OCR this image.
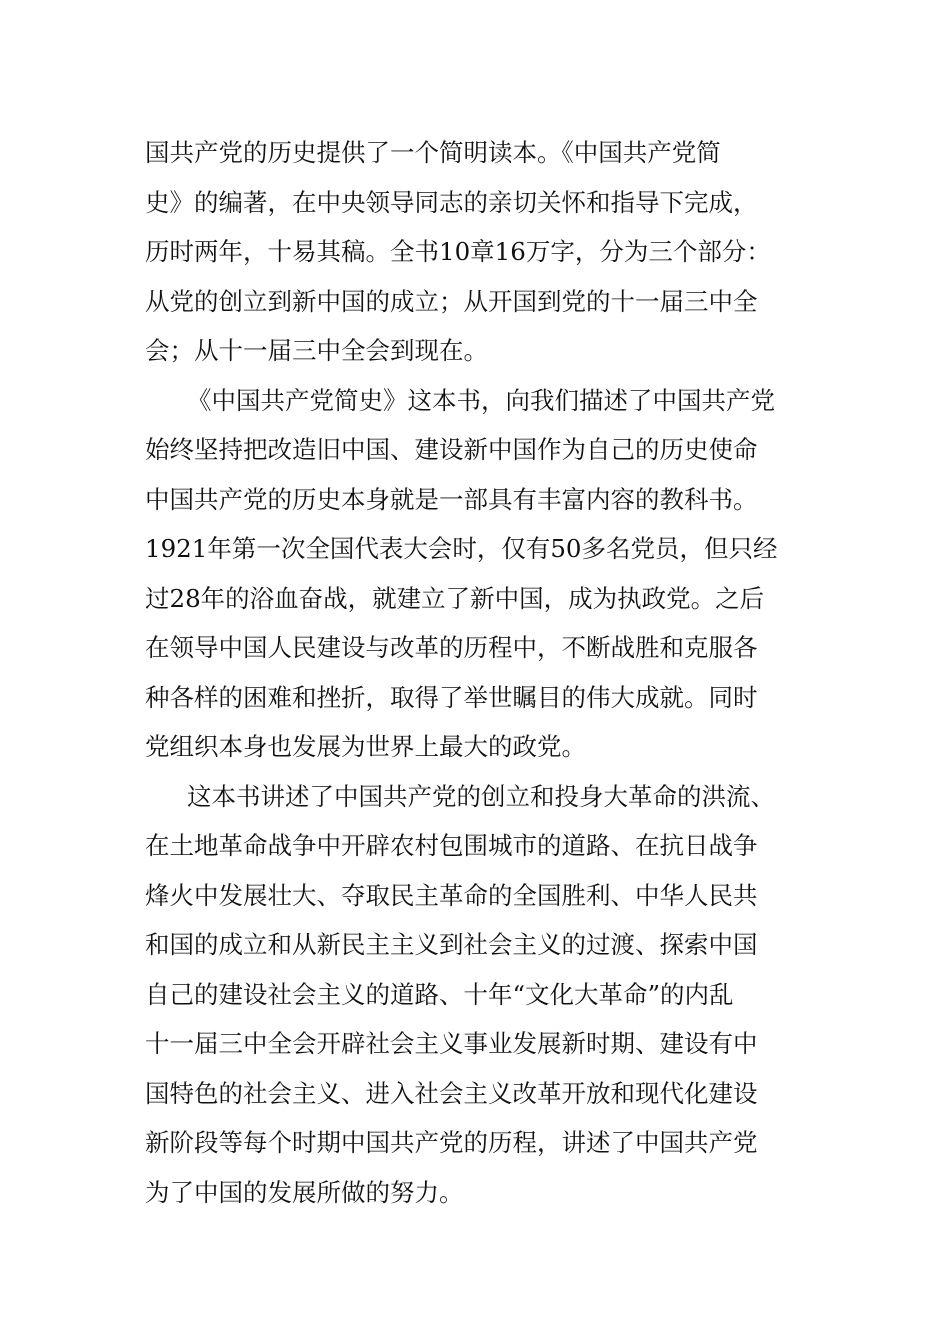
国共产党的历史提供了一个简明读本。《中国共产党简
史》的编著，在中央领导同志的亲切关怀和指导下完成，
历时两年，十易其稿。全书10章16万字，分为三个部分：
从党的创立到新中国的成立；从开国到党的十一届三中全
会；从十一届三中全会到现在。
《中国共产党简史》这本书，向我们描述了中国共产党
始终坚持把改造旧中国、建设新中国作为自己的历史使命
中国共产党的历史本身就是一部具有丰富内容的教科书。
1921年第一次全国代表大会时，仅有50多名党员，但只经
过28年的浴血奋战，就建立了新中国，成为执政党。之后
在领导中国人民建设与改革的历程中，不断战胜和克服各
种各样的困难和挫折，取得了举世瞩目的伟大成就。同时
党组织本身也发展为世界上最大的政党。
这本书讲述了中国共产党的创立和投身大革命的洪流、
在土地革命战争中开辟农村包围城市的道路、在抗日战争
烽火中发展壮大、夺取民主革命的全国胜利、中华人民共
和国的成立和从新民主主义到社会主义的过渡、探索中国
自己的建设社会主义的道路、十年“文化大革命”的内乱
十一届三中全会开辟社会主义事业发展新时期、建设有中
国特色的社会主义、进入社会主义改革开放和现代化建设
新阶段等每个时期中国共产党的历程，讲述了中国共产党
为了中国的发展所做的努力。
